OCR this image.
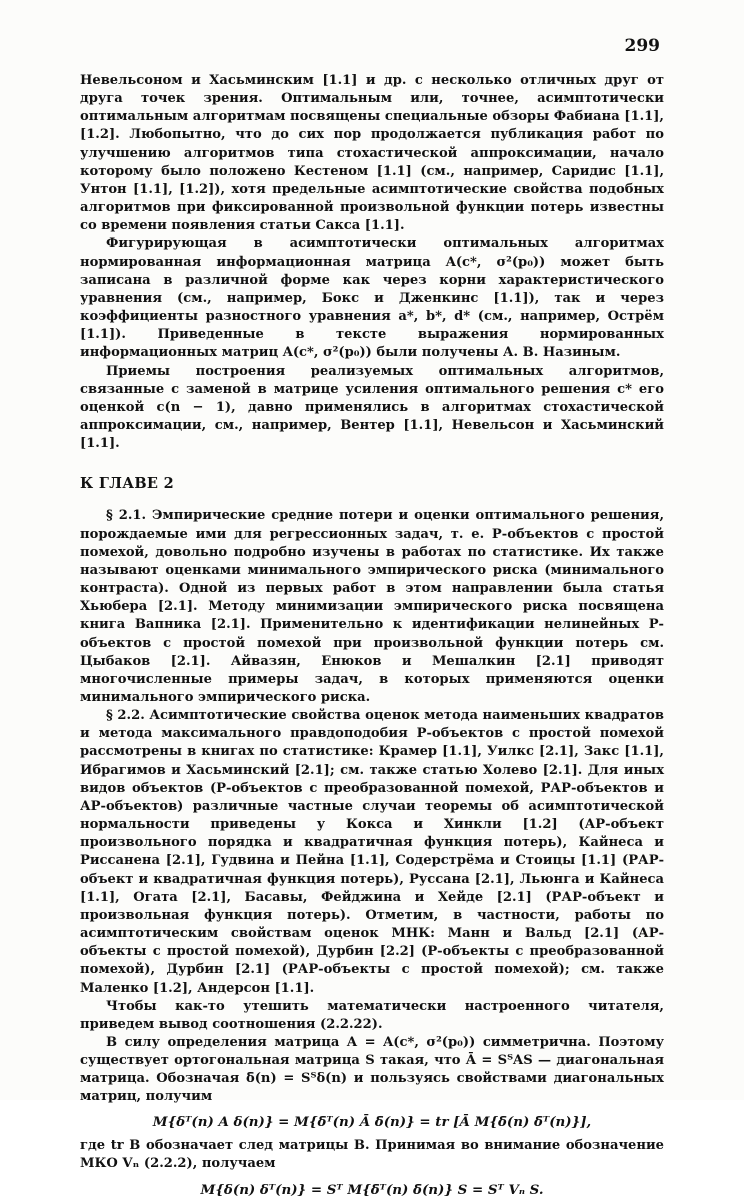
299

Невельсоном и Хасьминским [1.1] и др. с несколько отличных друг от друга точек зрения. Оптимальным или, точнее, асимптотически оптимальным алгоритмам посвящены специальные обзоры Фабиана [1.1], [1.2]. Любопытно, что до сих пор продолжается публикация работ по улучшению алгоритмов типа стохастической аппроксимации, начало которому было положено Кестеном [1.1] (см., например, Саридис [1.1], Унтон [1.1], [1.2]), хотя предельные асимптотические свойства подобных алгоритмов при фиксированной произвольной функции потерь известны со времени появления статьи Сакса [1.1].

Фигурирующая в асимптотически оптимальных алгоритмах нормированная информационная матрица A(c*, σ²(p₀)) может быть записана в различной форме как через корни характеристического уравнения (см., например, Бокс и Дженкинс [1.1]), так и через коэффициенты разностного уравнения a*, b*, d* (см., например, Острём [1.1]). Приведенные в тексте выражения нормированных информационных матриц A(c*, σ²(p₀)) были получены А. В. Назиным.

Приемы построения реализуемых оптимальных алгоритмов, связанные с заменой в матрице усиления оптимального решения c* его оценкой c(n − 1), давно применялись в алгоритмах стохастической аппроксимации, см., например, Вентер [1.1], Невельсон и Хасьминский [1.1].

К ГЛАВЕ 2

§ 2.1. Эмпирические средние потери и оценки оптимального решения, порождаемые ими для регрессионных задач, т. е. Р-объектов с простой помехой, довольно подробно изучены в работах по статистике. Их также называют оценками минимального эмпирического риска (минимального контраста). Одной из первых работ в этом направлении была статья Хьюбера [2.1]. Методу минимизации эмпирического риска посвящена книга Вапника [2.1]. Применительно к идентификации нелинейных Р-объектов с простой помехой при произвольной функции потерь см. Цыбаков [2.1]. Айвазян, Енюков и Мешалкин [2.1] приводят многочисленные примеры задач, в которых применяются оценки минимального эмпирического риска.

§ 2.2. Асимптотические свойства оценок метода наименьших квадратов и метода максимального правдоподобия Р-объектов с простой помехой рассмотрены в книгах по статистике: Крамер [1.1], Уилкс [2.1], Закс [1.1], Ибрагимов и Хасьминский [2.1]; см. также статью Холево [2.1]. Для иных видов объектов (Р-объектов с преобразованной помехой, РАР-объектов и АР-объектов) различные частные случаи теоремы об асимптотической нормальности приведены у Кокса и Хинкли [1.2] (АР-объект произвольного порядка и квадратичная функция потерь), Кайнеса и Риссанена [2.1], Гудвина и Пейна [1.1], Содерстрёма и Стоицы [1.1] (РАР-объект и квадратичная функция потерь), Руссана [2.1], Льюнга и Кайнеса [1.1], Огата [2.1], Басавы, Фейджина и Хейде [2.1] (РАР-объект и произвольная функция потерь). Отметим, в частности, работы по асимптотическим свойствам оценок МНК: Манн и Вальд [2.1] (АР-объекты с простой помехой), Дурбин [2.2] (Р-объекты с преобразованной помехой), Дурбин [2.1] (РАР-объекты с простой помехой); см. также Маленко [1.2], Андерсон [1.1].

Чтобы как-то утешить математически настроенного читателя, приведем вывод соотношения (2.2.22).

В силу определения матрица A = A(c*, σ²(p₀)) симметрична. Поэтому существует ортогональная матрица S такая, что Ā = SᵀAS — диагональная матрица. Обозначая δ̄(n) = Sᵀδ(n) и пользуясь свойствами диагональных матриц, получим

M{δᵀ(n) A δ(n)} = M{δ̄ᵀ(n) Ā δ̄(n)} = tr [Ā M{δ̄(n) δ̄ᵀ(n)}],

где tr B обозначает след матрицы B. Принимая во внимание обозначение МКО Vₙ (2.2.2), получаем

M{δ(n) δᵀ(n)} = Sᵀ M{δ̄ᵀ(n) δ̄(n)} S = Sᵀ Vₙ S.
